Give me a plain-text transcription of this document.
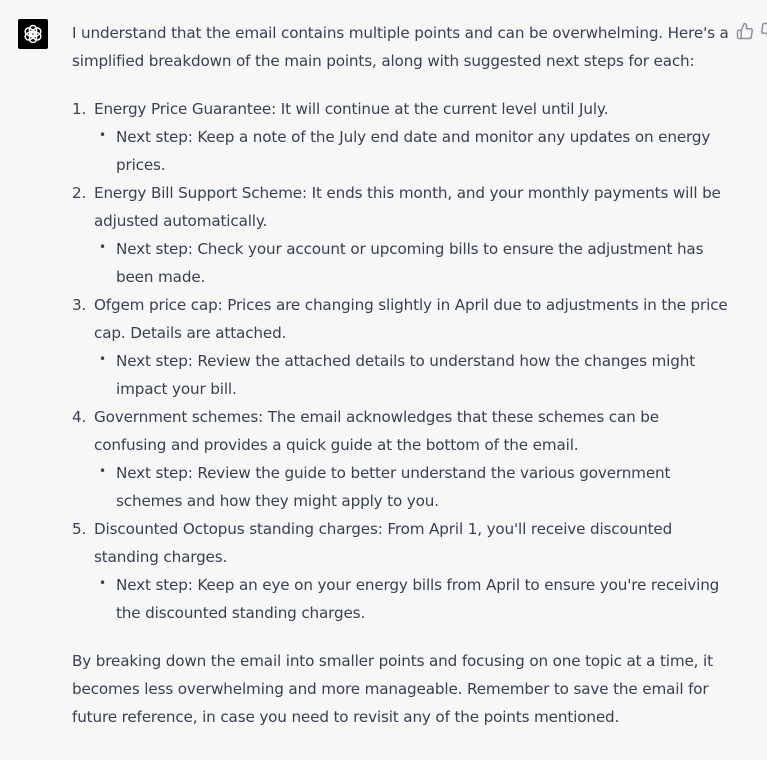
I understand that the email contains multiple points and can be overwhelming. Here's a simplified breakdown of the main points, along with suggested next steps for each:

1. Energy Price Guarantee: It will continue at the current level until July.
• Next step: Keep a note of the July end date and monitor any updates on energy prices.
2. Energy Bill Support Scheme: It ends this month, and your monthly payments will be adjusted automatically.
• Next step: Check your account or upcoming bills to ensure the adjustment has been made.
3. Ofgem price cap: Prices are changing slightly in April due to adjustments in the price cap. Details are attached.
• Next step: Review the attached details to understand how the changes might impact your bill.
4. Government schemes: The email acknowledges that these schemes can be confusing and provides a quick guide at the bottom of the email.
• Next step: Review the guide to better understand the various government schemes and how they might apply to you.
5. Discounted Octopus standing charges: From April 1, you'll receive discounted standing charges.
• Next step: Keep an eye on your energy bills from April to ensure you're receiving the discounted standing charges.

By breaking down the email into smaller points and focusing on one topic at a time, it becomes less overwhelming and more manageable. Remember to save the email for future reference, in case you need to revisit any of the points mentioned.
